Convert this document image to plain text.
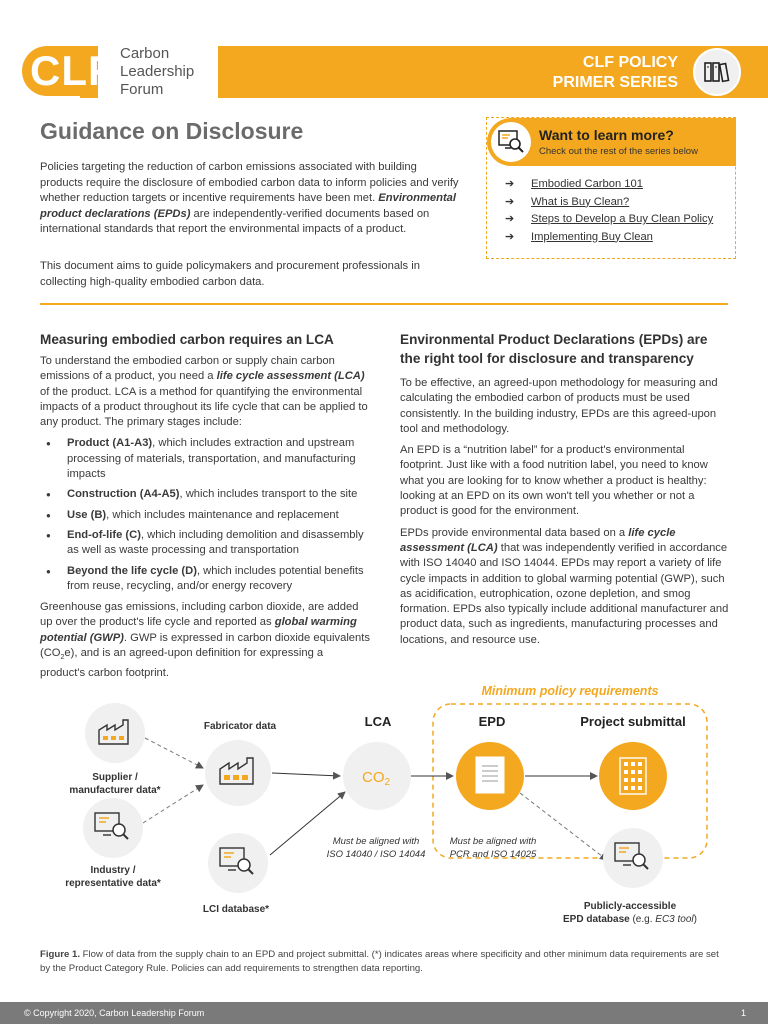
CLF Carbon
Leadership
Forum
CLF POLICY
PRIMER SERIES
Guidance on Disclosure
Policies targeting the reduction of carbon emissions associated with building products require the disclosure of embodied carbon data to inform policies and verify whether reduction targets or incentive requirements have been met. Environmental product declarations (EPDs) are independently-verified documents based on international standards that report the environmental impacts of a product.
This document aims to guide policymakers and procurement professionals in collecting high-quality embodied carbon data.
Want to learn more?
Check out the rest of the series below
➔ Embodied Carbon 101
➔ What is Buy Clean?
➔ Steps to Develop a Buy Clean Policy
➔ Implementing Buy Clean
Measuring embodied carbon requires an LCA

To understand the embodied carbon or supply chain carbon emissions of a product, you need a life cycle assessment (LCA) of the product. LCA is a method for quantifying the environmental impacts of a product throughout its life cycle that can be applied to any product. The primary stages include:

● Product (A1-A3), which includes extraction and upstream processing of materials, transportation, and manufacturing impacts
● Construction (A4-A5), which includes transport to the site
● Use (B), which includes maintenance and replacement
● End-of-life (C), which including demolition and disassembly as well as waste processing and transportation
● Beyond the life cycle (D), which includes potential benefits from reuse, recycling, and/or energy recovery

Greenhouse gas emissions, including carbon dioxide, are added up over the product's life cycle and reported as global warming potential (GWP). GWP is expressed in carbon dioxide equivalents $(CO_2e)$, and is an agreed-upon definition for expressing a product's carbon footprint.

Environmental Product Declarations (EPDs) are the right tool for disclosure and transparency

To be effective, an agreed-upon methodology for measuring and calculating the embodied carbon of products must be used consistently. In the building industry, EPDs are this agreed-upon tool and methodology.

An EPD is a “nutrition label” for a product's environmental footprint. Just like with a food nutrition label, you need to know what you are looking for to know whether a product is healthy: looking at an EPD on its own won't tell you whether or not a product is good for the environment.

EPDs provide environmental data based on a life cycle assessment (LCA) that was independently verified in accordance with ISO 14040 and ISO 14044. EPDs may report a variety of life cycle impacts in addition to global warming potential (GWP), such as acidification, eutrophication, ozone depletion, and smog formation. EPDs also typically include additional manufacturer and product data, such as ingredients, manufacturing processes and locations, and resource use.

Minimum policy requirements
Supplier /
manufacturer data*
Industry /
representative data*
Fabricator data
LCI database*
LCA
$CO_2$
Must be aligned with
ISO 14040 / ISO 14044
EPD
Must be aligned with
PCR and ISO 14025
Project submittal
Publicly-accessible
EPD database (e.g. EC3 tool)
Figure 1. Flow of data from the supply chain to an EPD and project submittal. (*) indicates areas where specificity and other minimum data requirements are set by the Product Category Rule. Policies can add requirements to strengthen data reporting.
© Copyright 2020, Carbon Leadership Forum	1
